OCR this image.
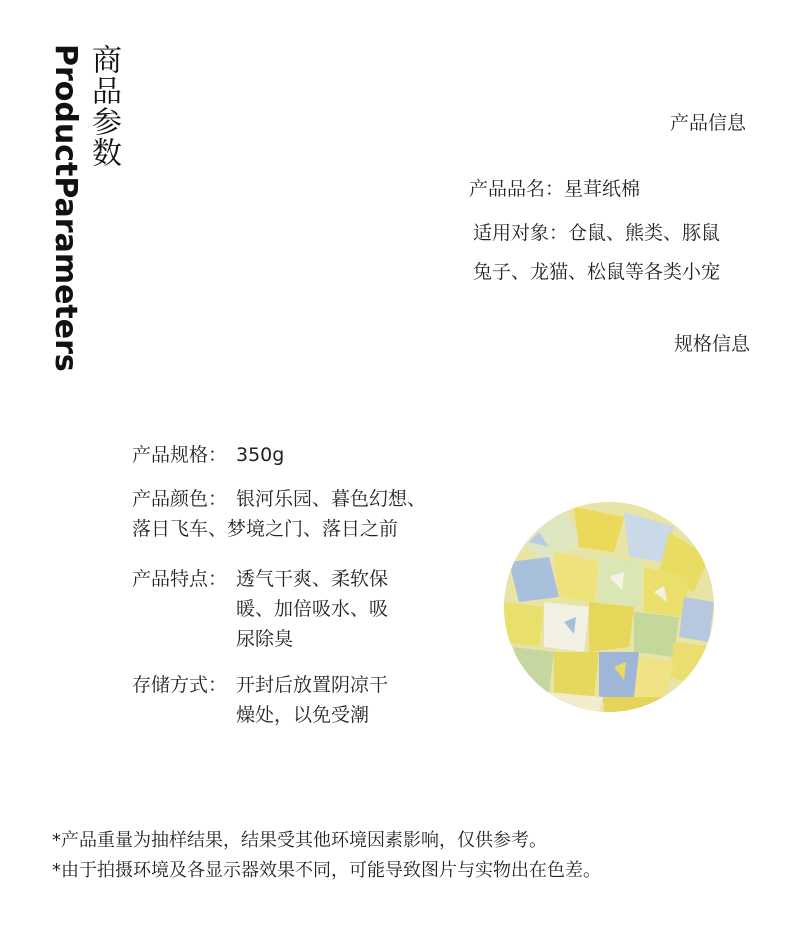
ProductParameters 商品参数	产品信息
产品品名：星茸纸棉
适用对象：仓鼠、熊类、豚鼠
兔子、龙猫、松鼠等各类小宠
规格信息
产品规格： 350g
产品颜色： 银河乐园、暮色幻想、
落日飞车、梦境之门、落日之前
产品特点： 透气干爽、柔软保
暖、加倍吸水、吸
尿除臭
存储方式： 开封后放置阴凉干
燥处，以免受潮
*产品重量为抽样结果，结果受其他环境因素影响，仅供参考。
*由于拍摄环境及各显示器效果不同，可能导致图片与实物出在色差。
